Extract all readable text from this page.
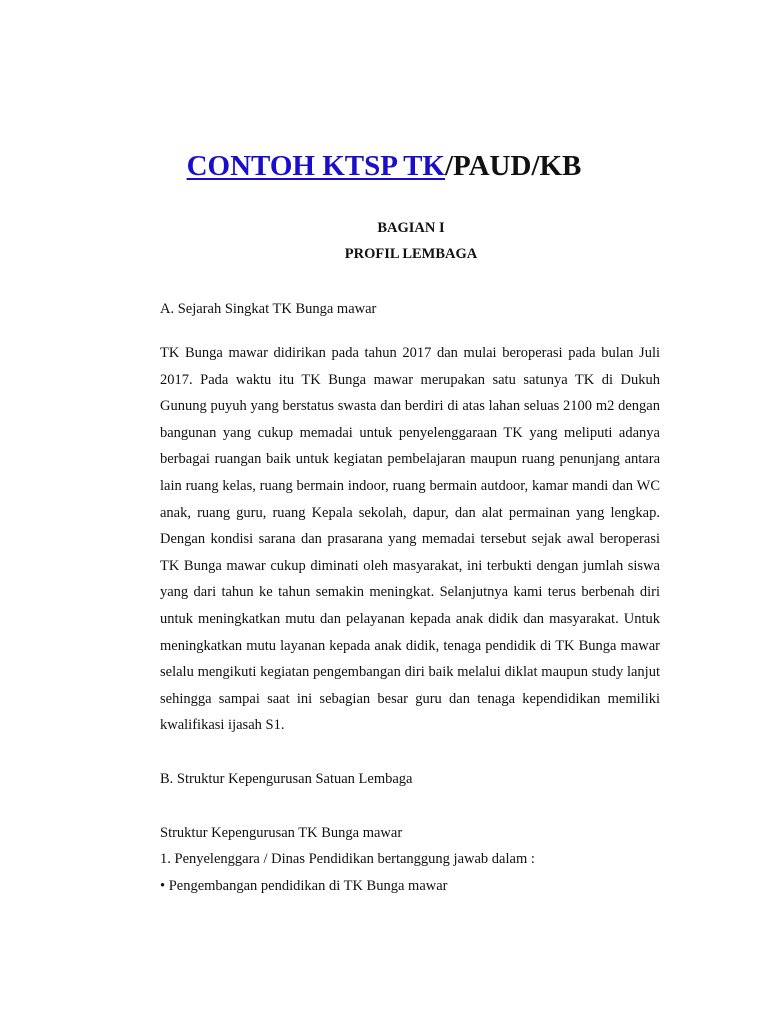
CONTOH KTSP TK/PAUD/KB
BAGIAN I
PROFIL LEMBAGA
A. Sejarah Singkat TK Bunga mawar
TK Bunga mawar didirikan pada tahun 2017 dan mulai beroperasi pada bulan Juli 2017. Pada waktu itu TK Bunga mawar merupakan satu satunya TK di Dukuh Gunung puyuh yang berstatus swasta dan berdiri di atas lahan seluas 2100 m2 dengan bangunan yang cukup memadai untuk penyelenggaraan TK yang meliputi adanya berbagai ruangan baik untuk kegiatan pembelajaran maupun ruang penunjang antara lain ruang kelas, ruang bermain indoor, ruang bermain autdoor, kamar mandi dan WC anak, ruang guru, ruang Kepala sekolah, dapur, dan alat permainan yang lengkap. Dengan kondisi sarana dan prasarana yang memadai tersebut sejak awal beroperasi TK Bunga mawar cukup diminati oleh masyarakat, ini terbukti dengan jumlah siswa yang dari tahun ke tahun semakin meningkat. Selanjutnya kami terus berbenah diri untuk meningkatkan mutu dan pelayanan kepada anak didik dan masyarakat. Untuk meningkatkan mutu layanan kepada anak didik, tenaga pendidik di TK Bunga mawar selalu mengikuti kegiatan pengembangan diri baik melalui diklat maupun study lanjut sehingga sampai saat ini sebagian besar guru dan tenaga kependidikan memiliki kwalifikasi ijasah S1.
B. Struktur Kepengurusan Satuan Lembaga
Struktur Kepengurusan TK Bunga mawar
1. Penyelenggara / Dinas Pendidikan bertanggung jawab dalam :
• Pengembangan pendidikan di TK Bunga mawar
